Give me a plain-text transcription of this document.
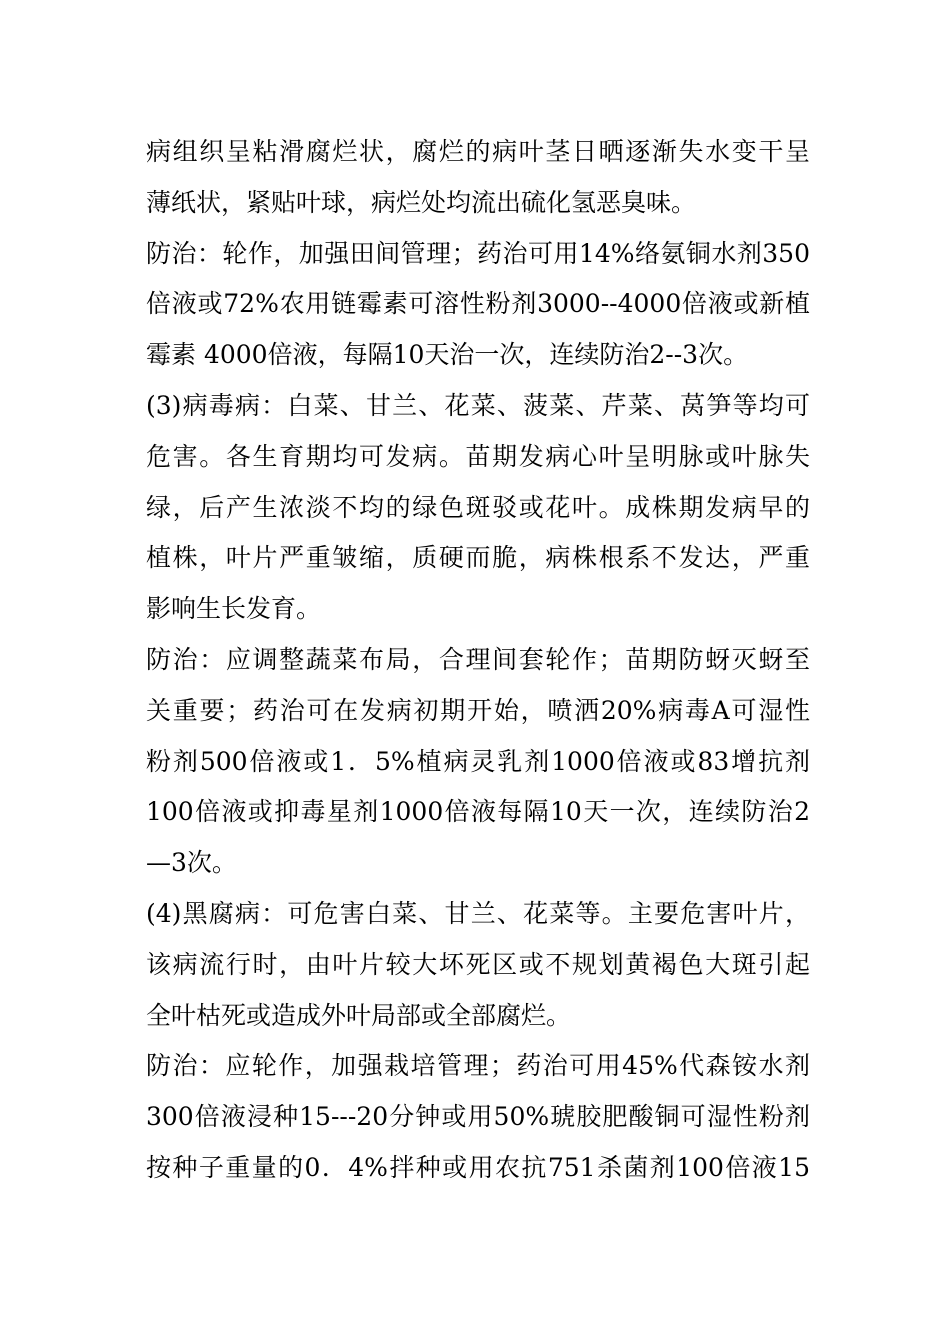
病组织呈粘滑腐烂状，腐烂的病叶茎日晒逐渐失水变干呈
薄纸状，紧贴叶球，病烂处均流出硫化氢恶臭味。
防治：轮作，加强田间管理；药治可用14%络氨铜水剂350
倍液或72%农用链霉素可溶性粉剂3000--4000倍液或新植
霉素 4000倍液，每隔10天治一次，连续防治2--3次。
(3)病毒病：白菜、甘兰、花菜、菠菜、芹菜、莴笋等均可
危害。各生育期均可发病。苗期发病心叶呈明脉或叶脉失
绿，后产生浓淡不均的绿色斑驳或花叶。成株期发病早的
植株，叶片严重皱缩，质硬而脆，病株根系不发达，严重
影响生长发育。
防治：应调整蔬菜布局，合理间套轮作；苗期防蚜灭蚜至
关重要；药治可在发病初期开始，喷洒20%病毒A可湿性
粉剂500倍液或1．5%植病灵乳剂1000倍液或83增抗剂
100倍液或抑毒星剂1000倍液每隔10天一次，连续防治2
—3次。
(4)黑腐病：可危害白菜、甘兰、花菜等。主要危害叶片，
该病流行时，由叶片较大坏死区或不规划黄褐色大斑引起
全叶枯死或造成外叶局部或全部腐烂。
防治：应轮作，加强栽培管理；药治可用45%代森铵水剂
300倍液浸种15---20分钟或用50%琥胶肥酸铜可湿性粉剂
按种子重量的0．4%拌种或用农抗751杀菌剂100倍液15
